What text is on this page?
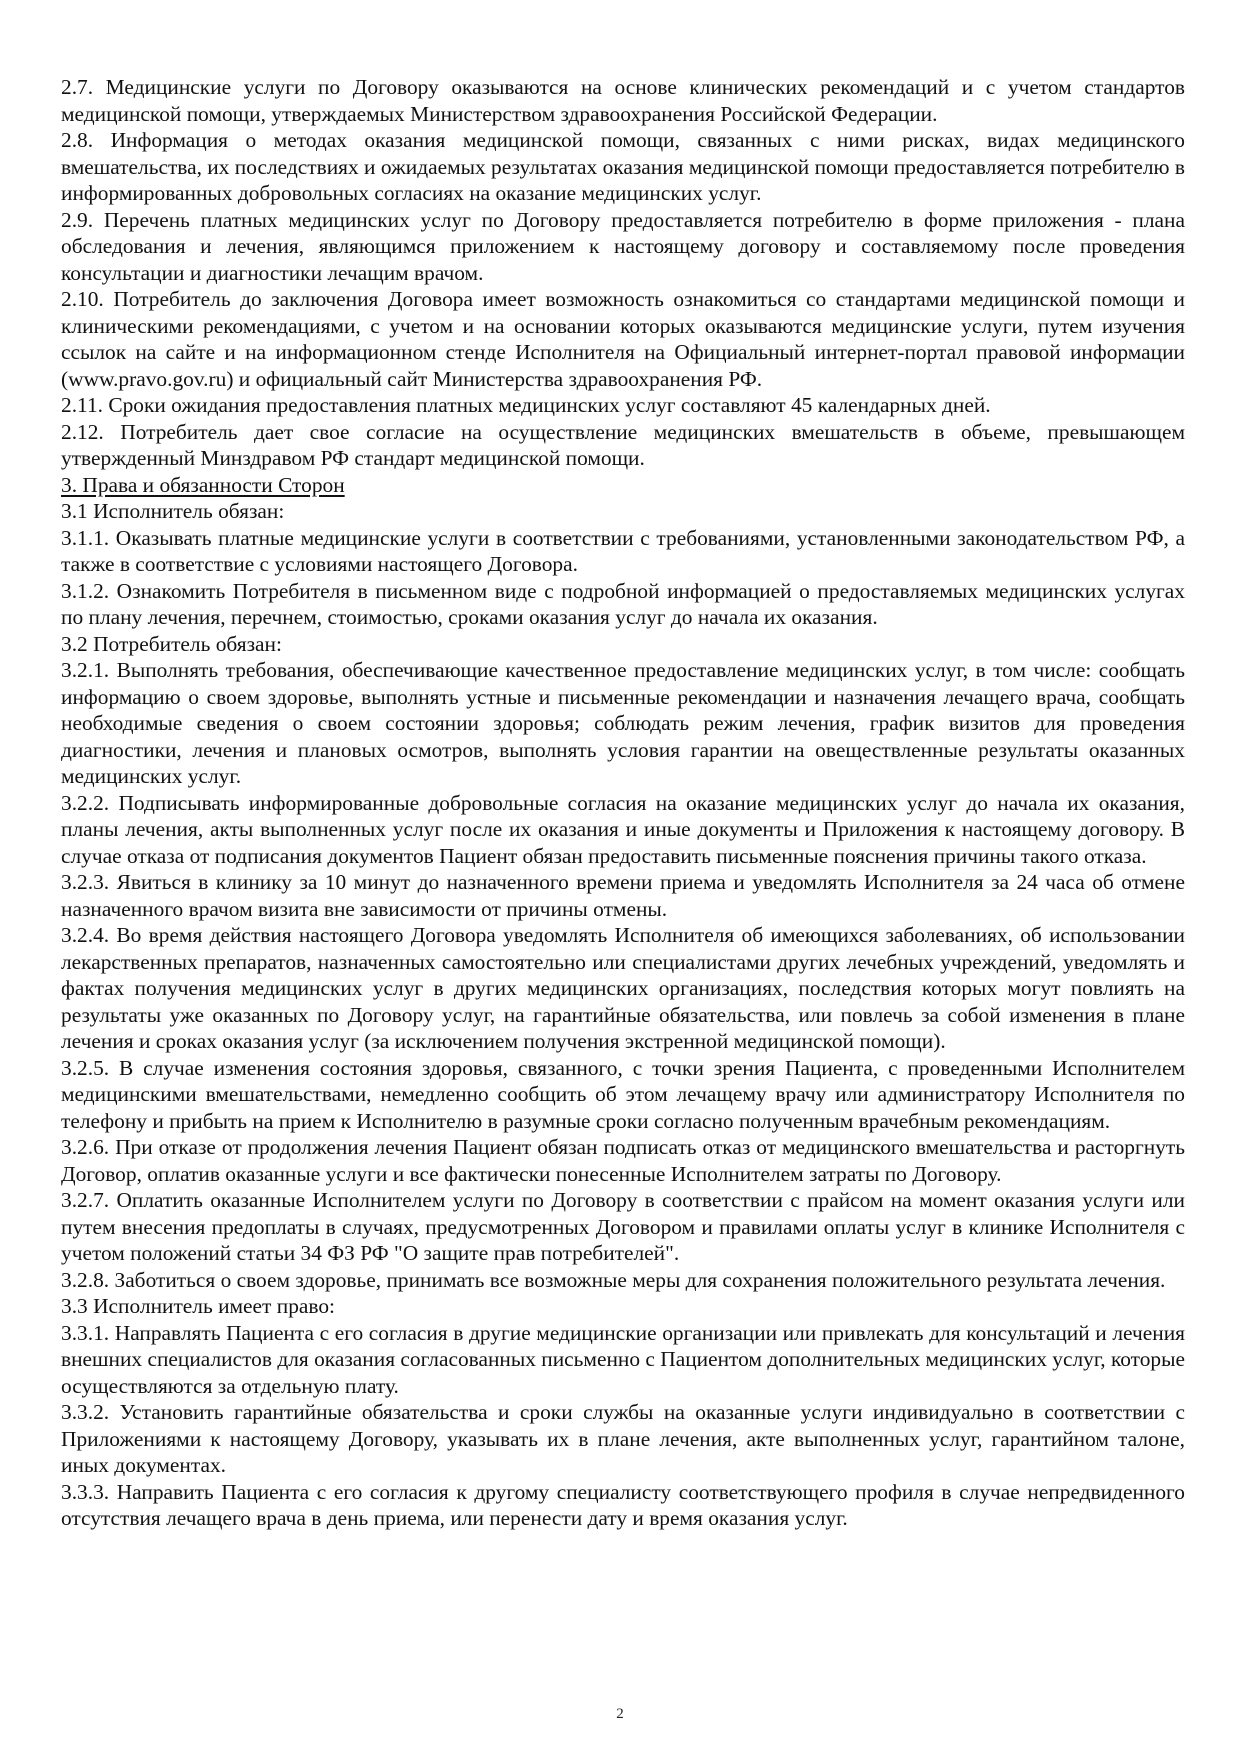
2.7. Медицинские услуги по Договору оказываются на основе клинических рекомендаций и с учетом стандартов медицинской помощи, утверждаемых Министерством здравоохранения Российской Федерации.

2.8. Информация о методах оказания медицинской помощи, связанных с ними рисках, видах медицинского вмешательства, их последствиях и ожидаемых результатах оказания медицинской помощи предоставляется потребителю в информированных добровольных согласиях на оказание медицинских услуг.

2.9. Перечень платных медицинских услуг по Договору предоставляется потребителю в форме приложения - плана обследования и лечения, являющимся приложением к настоящему договору и составляемому после проведения консультации и диагностики лечащим врачом.

2.10. Потребитель до заключения Договора имеет возможность ознакомиться со стандартами медицинской помощи и клиническими рекомендациями, с учетом и на основании которых оказываются медицинские услуги, путем изучения ссылок на сайте и на информационном стенде Исполнителя на Официальный интернет-портал правовой информации (www.pravo.gov.ru) и официальный сайт Министерства здравоохранения РФ.

2.11. Сроки ожидания предоставления платных медицинских услуг составляют 45 календарных дней.

2.12. Потребитель дает свое согласие на осуществление медицинских вмешательств в объеме, превышающем утвержденный Минздравом РФ стандарт медицинской помощи.

3. Права и обязанности Сторон

3.1 Исполнитель обязан:

3.1.1. Оказывать платные медицинские услуги в соответствии с требованиями, установленными законодательством РФ, а также в соответствие с условиями настоящего Договора.

3.1.2. Ознакомить Потребителя в письменном виде с подробной информацией о предоставляемых медицинских услугах по плану лечения, перечнем, стоимостью, сроками оказания услуг до начала их оказания.

3.2 Потребитель обязан:

3.2.1. Выполнять требования, обеспечивающие качественное предоставление медицинских услуг, в том числе: сообщать информацию о своем здоровье, выполнять устные и письменные рекомендации и назначения лечащего врача, сообщать необходимые сведения о своем состоянии здоровья; соблюдать режим лечения, график визитов для проведения диагностики, лечения и плановых осмотров, выполнять условия гарантии на овеществленные результаты оказанных медицинских услуг.

3.2.2. Подписывать информированные добровольные согласия на оказание медицинских услуг до начала их оказания, планы лечения, акты выполненных услуг после их оказания и иные документы и Приложения к настоящему договору. В случае отказа от подписания документов Пациент обязан предоставить письменные пояснения причины такого отказа.

3.2.3. Явиться в клинику за 10 минут до назначенного времени приема и уведомлять Исполнителя за 24 часа об отмене назначенного врачом визита вне зависимости от причины отмены.

3.2.4. Во время действия настоящего Договора уведомлять Исполнителя об имеющихся заболеваниях, об использовании лекарственных препаратов, назначенных самостоятельно или специалистами других лечебных учреждений, уведомлять и фактах получения медицинских услуг в других медицинских организациях, последствия которых могут повлиять на результаты уже оказанных по Договору услуг, на гарантийные обязательства, или повлечь за собой изменения в плане лечения и сроках оказания услуг (за исключением получения экстренной медицинской помощи).

3.2.5. В случае изменения состояния здоровья, связанного, с точки зрения Пациента, с проведенными Исполнителем медицинскими вмешательствами, немедленно сообщить об этом лечащему врачу или администратору Исполнителя по телефону и прибыть на прием к Исполнителю в разумные сроки согласно полученным врачебным рекомендациям.

3.2.6. При отказе от продолжения лечения Пациент обязан подписать отказ от медицинского вмешательства и расторгнуть Договор, оплатив оказанные услуги и все фактически понесенные Исполнителем затраты по Договору.

3.2.7. Оплатить оказанные Исполнителем услуги по Договору в соответствии с прайсом на момент оказания услуги или путем внесения предоплаты в случаях, предусмотренных Договором и правилами оплаты услуг в клинике Исполнителя с учетом положений статьи 34 ФЗ РФ "О защите прав потребителей".

3.2.8. Заботиться о своем здоровье, принимать все возможные меры для сохранения положительного результата лечения.

3.3 Исполнитель имеет право:

3.3.1. Направлять Пациента с его согласия в другие медицинские организации или привлекать для консультаций и лечения внешних специалистов для оказания согласованных письменно с Пациентом дополнительных медицинских услуг, которые осуществляются за отдельную плату.

3.3.2. Установить гарантийные обязательства и сроки службы на оказанные услуги индивидуально в соответствии с Приложениями к настоящему Договору, указывать их в плане лечения, акте выполненных услуг, гарантийном талоне, иных документах.

3.3.3. Направить Пациента с его согласия к другому специалисту соответствующего профиля в случае непредвиденного отсутствия лечащего врача в день приема, или перенести дату и время оказания услуг.

2
